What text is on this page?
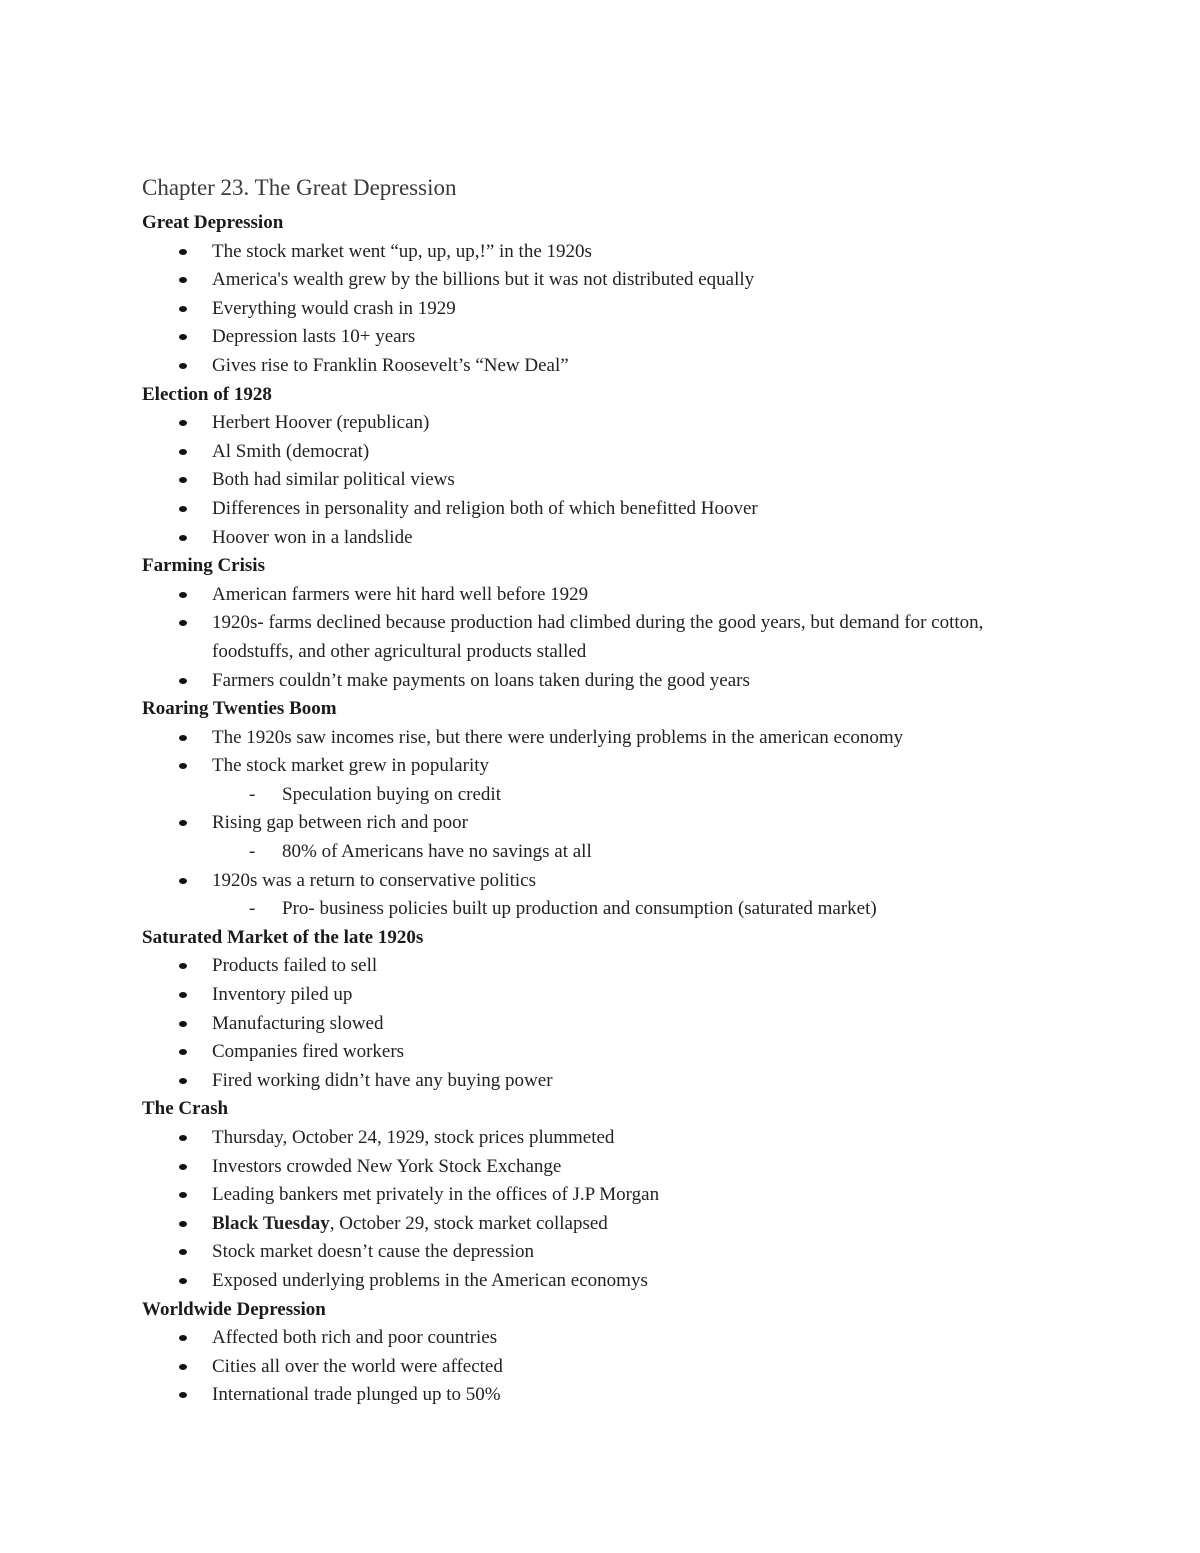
Chapter 23. The Great Depression
Great Depression
The stock market went “up, up, up,!” in the 1920s
America's wealth grew by the billions but it was not distributed equally
Everything would crash in 1929
Depression lasts 10+ years
Gives rise to Franklin Roosevelt’s “New Deal”
Election of 1928
Herbert Hoover (republican)
Al Smith (democrat)
Both had similar political views
Differences in personality and religion both of which benefitted Hoover
Hoover won in a landslide
Farming Crisis
American farmers were hit hard well before 1929
1920s- farms declined because production had climbed during the good years, but demand for cotton, foodstuffs, and other agricultural products stalled
Farmers couldn’t make payments on loans taken during the good years
Roaring Twenties Boom
The 1920s saw incomes rise, but there were underlying problems in the american economy
The stock market grew in popularity
-	Speculation buying on credit
Rising gap between rich and poor
-	80% of Americans have no savings at all
1920s was a return to conservative politics
-	Pro- business policies built up production and consumption (saturated market)
Saturated Market of the late 1920s
Products failed to sell
Inventory piled up
Manufacturing slowed
Companies fired workers
Fired working didn’t have any buying power
The Crash
Thursday, October 24, 1929, stock prices plummeted
Investors crowded New York Stock Exchange
Leading bankers met privately in the offices of J.P Morgan
Black Tuesday, October 29, stock market collapsed
Stock market doesn’t cause the depression
Exposed underlying problems in the American economys
Worldwide Depression
Affected both rich and poor countries
Cities all over the world were affected
International trade plunged up to 50%
